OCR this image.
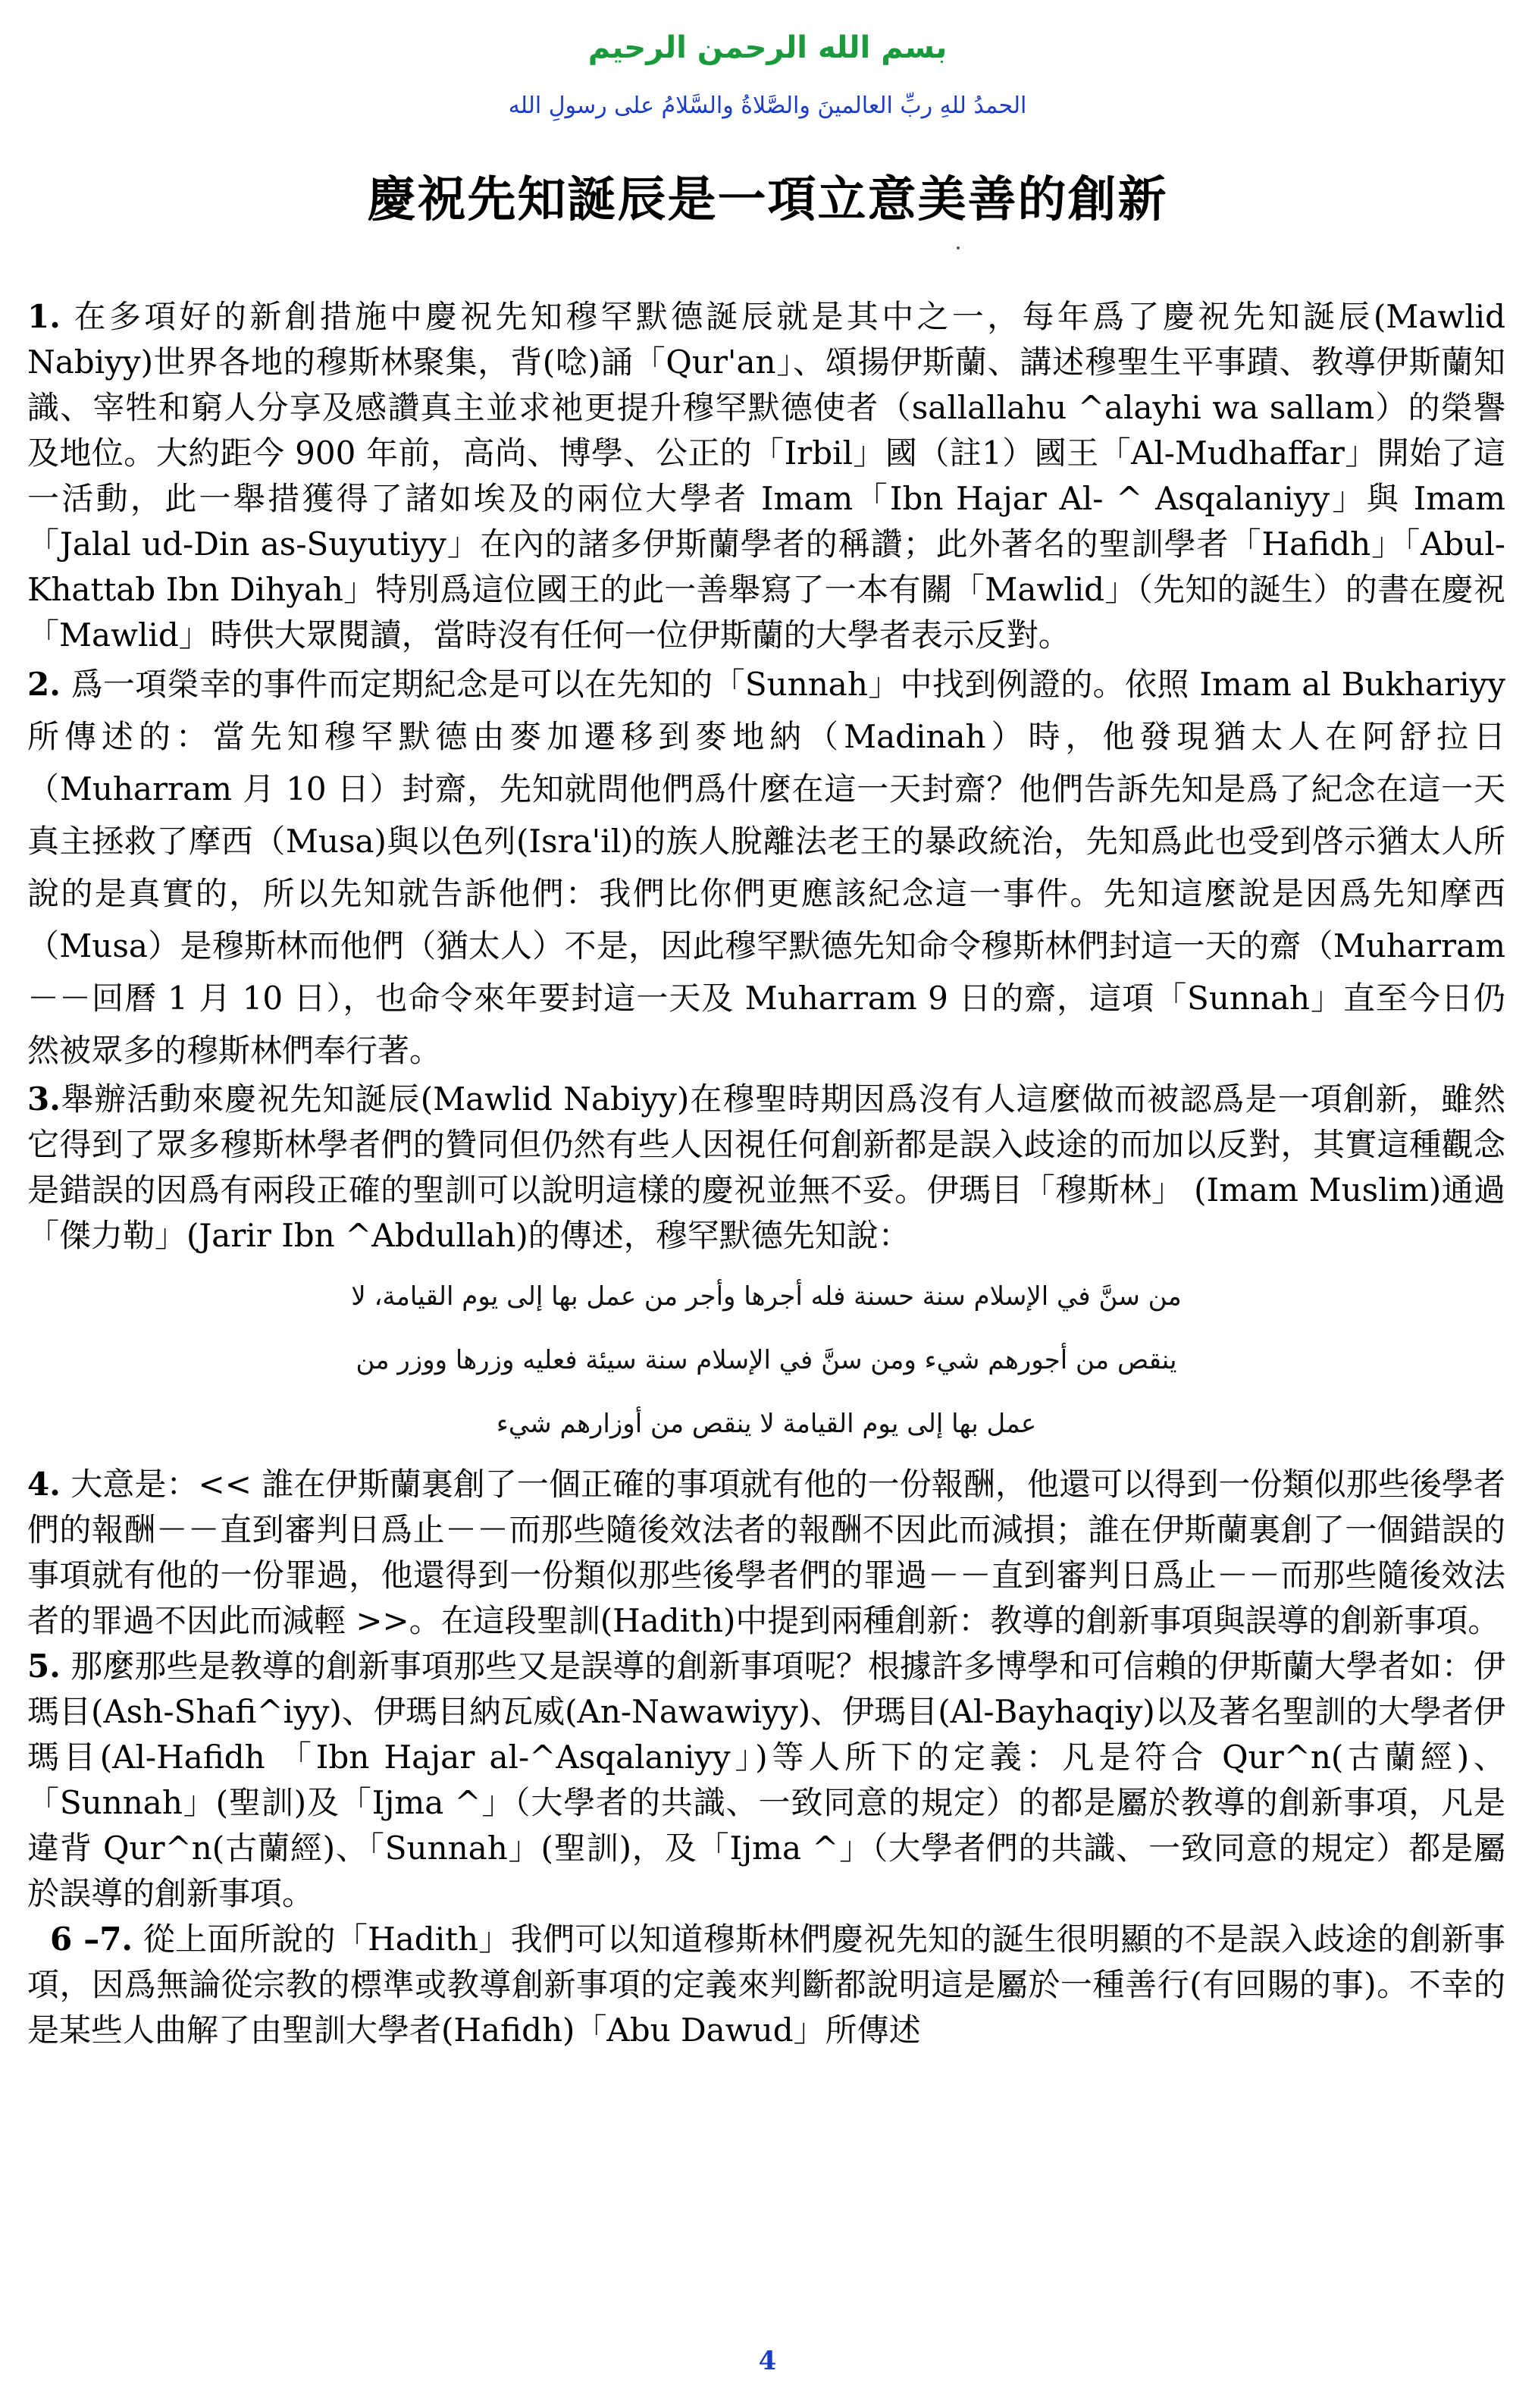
بسم الله الرحمن الرحيم
الحمدُ للهِ ربِّ العالمينَ والصَّلاةُ والسَّلامُ على رسولِ الله
慶祝先知誕辰是一項立意美善的創新

1. 在多項好的新創措施中慶祝先知穆罕默德誕辰就是其中之一，每年爲了慶祝先知誕辰(Mawlid Nabiyy)世界各地的穆斯林聚集，背(唸)誦「Qur'an」、頌揚伊斯蘭、講述穆聖生平事蹟、教導伊斯蘭知識、宰牲和窮人分享及感讚真主並求祂更提升穆罕默德使者（sallallahu ^alayhi wa sallam）的榮譽及地位。大約距今 900 年前，高尚、博學、公正的「Irbil」國（註1）國王「Al-Mudhaffar」開始了這一活動，此一舉措獲得了諸如埃及的兩位大學者 Imam「Ibn Hajar Al- ^ Asqalaniyy」與 Imam「Jalal ud-Din as-Suyutiyy」在內的諸多伊斯蘭學者的稱讚；此外著名的聖訓學者「Hafidh」「Abul-Khattab Ibn Dihyah」特別爲這位國王的此一善舉寫了一本有關「Mawlid」（先知的誕生）的書在慶祝「Mawlid」時供大眾閱讀，當時沒有任何一位伊斯蘭的大學者表示反對。

2. 爲一項榮幸的事件而定期紀念是可以在先知的「Sunnah」中找到例證的。依照 Imam al Bukhariyy 所傳述的：當先知穆罕默德由麥加遷移到麥地納（Madinah）時，他發現猶太人在阿舒拉日（Muharram 月 10 日）封齋，先知就問他們爲什麼在這一天封齋？他們告訴先知是爲了紀念在這一天 真主拯救了摩西（Musa)與以色列(Isra'il)的族人脫離法老王的暴政統治，先知爲此也受到啓示猶太人所說的是真實的，所以先知就告訴他們：我們比你們更應該紀念這一事件。先知這麼說是因爲先知摩西（Musa）是穆斯林而他們（猶太人）不是，因此穆罕默德先知命令穆斯林們封這一天的齋（Muharram－－回曆 1 月 10 日），也命令來年要封這一天及 Muharram 9 日的齋，這項「Sunnah」直至今日仍然被眾多的穆斯林們奉行著。

3.舉辦活動來慶祝先知誕辰(Mawlid Nabiyy)在穆聖時期因爲沒有人這麼做而被認爲是一項創新，雖然它得到了眾多穆斯林學者們的贊同但仍然有些人因視任何創新都是誤入歧途的而加以反對，其實這種觀念是錯誤的因爲有兩段正確的聖訓可以說明這樣的慶祝並無不妥。伊瑪目「穆斯林」 (Imam Muslim)通過「傑力勒」(Jarir Ibn ^Abdullah)的傳述，穆罕默德先知說：

من سنَّ في الإسلام سنة حسنة فله أجرها وأجر من عمل بها إلى يوم القيامة، لا
ينقص من أجورهم شيء ومن سنَّ في الإسلام سنة سيئة فعليه وزرها ووزر من
عمل بها إلى يوم القيامة لا ينقص من أوزارهم شيء

4. 大意是：<< 誰在伊斯蘭裏創了一個正確的事項就有他的一份報酬，他還可以得到一份類似那些後學者們的報酬－－直到審判日爲止－－而那些隨後效法者的報酬不因此而減損；誰在伊斯蘭裏創了一個錯誤的事項就有他的一份罪過，他還得到一份類似那些後學者們的罪過－－直到審判日爲止－－而那些隨後效法者的罪過不因此而減輕 >>。在這段聖訓(Hadith)中提到兩種創新：教導的創新事項與誤導的創新事項。

5. 那麼那些是教導的創新事項那些又是誤導的創新事項呢？根據許多博學和可信賴的伊斯蘭大學者如：伊瑪目(Ash-Shafi^iyy)、伊瑪目納瓦威(An-Nawawiyy)、伊瑪目(Al-Bayhaqiy)以及著名聖訓的大學者伊瑪目(Al-Hafidh 「Ibn Hajar al-^Asqalaniyy」)等人所下的定義：凡是符合 Qur^n(古蘭經)、「Sunnah」(聖訓)及「Ijma ^」（大學者的共識、一致同意的規定）的都是屬於教導的創新事項，凡是違背 Qur^n(古蘭經)、「Sunnah」(聖訓)，及「Ijma ^」（大學者們的共識、一致同意的規定）都是屬於誤導的創新事項。

6 –7. 從上面所說的「Hadith」我們可以知道穆斯林們慶祝先知的誕生很明顯的不是誤入歧途的創新事項，因爲無論從宗教的標準或教導創新事項的定義來判斷都說明這是屬於一種善行(有回賜的事)。不幸的是某些人曲解了由聖訓大學者(Hafidh)「Abu Dawud」所傳述

4
